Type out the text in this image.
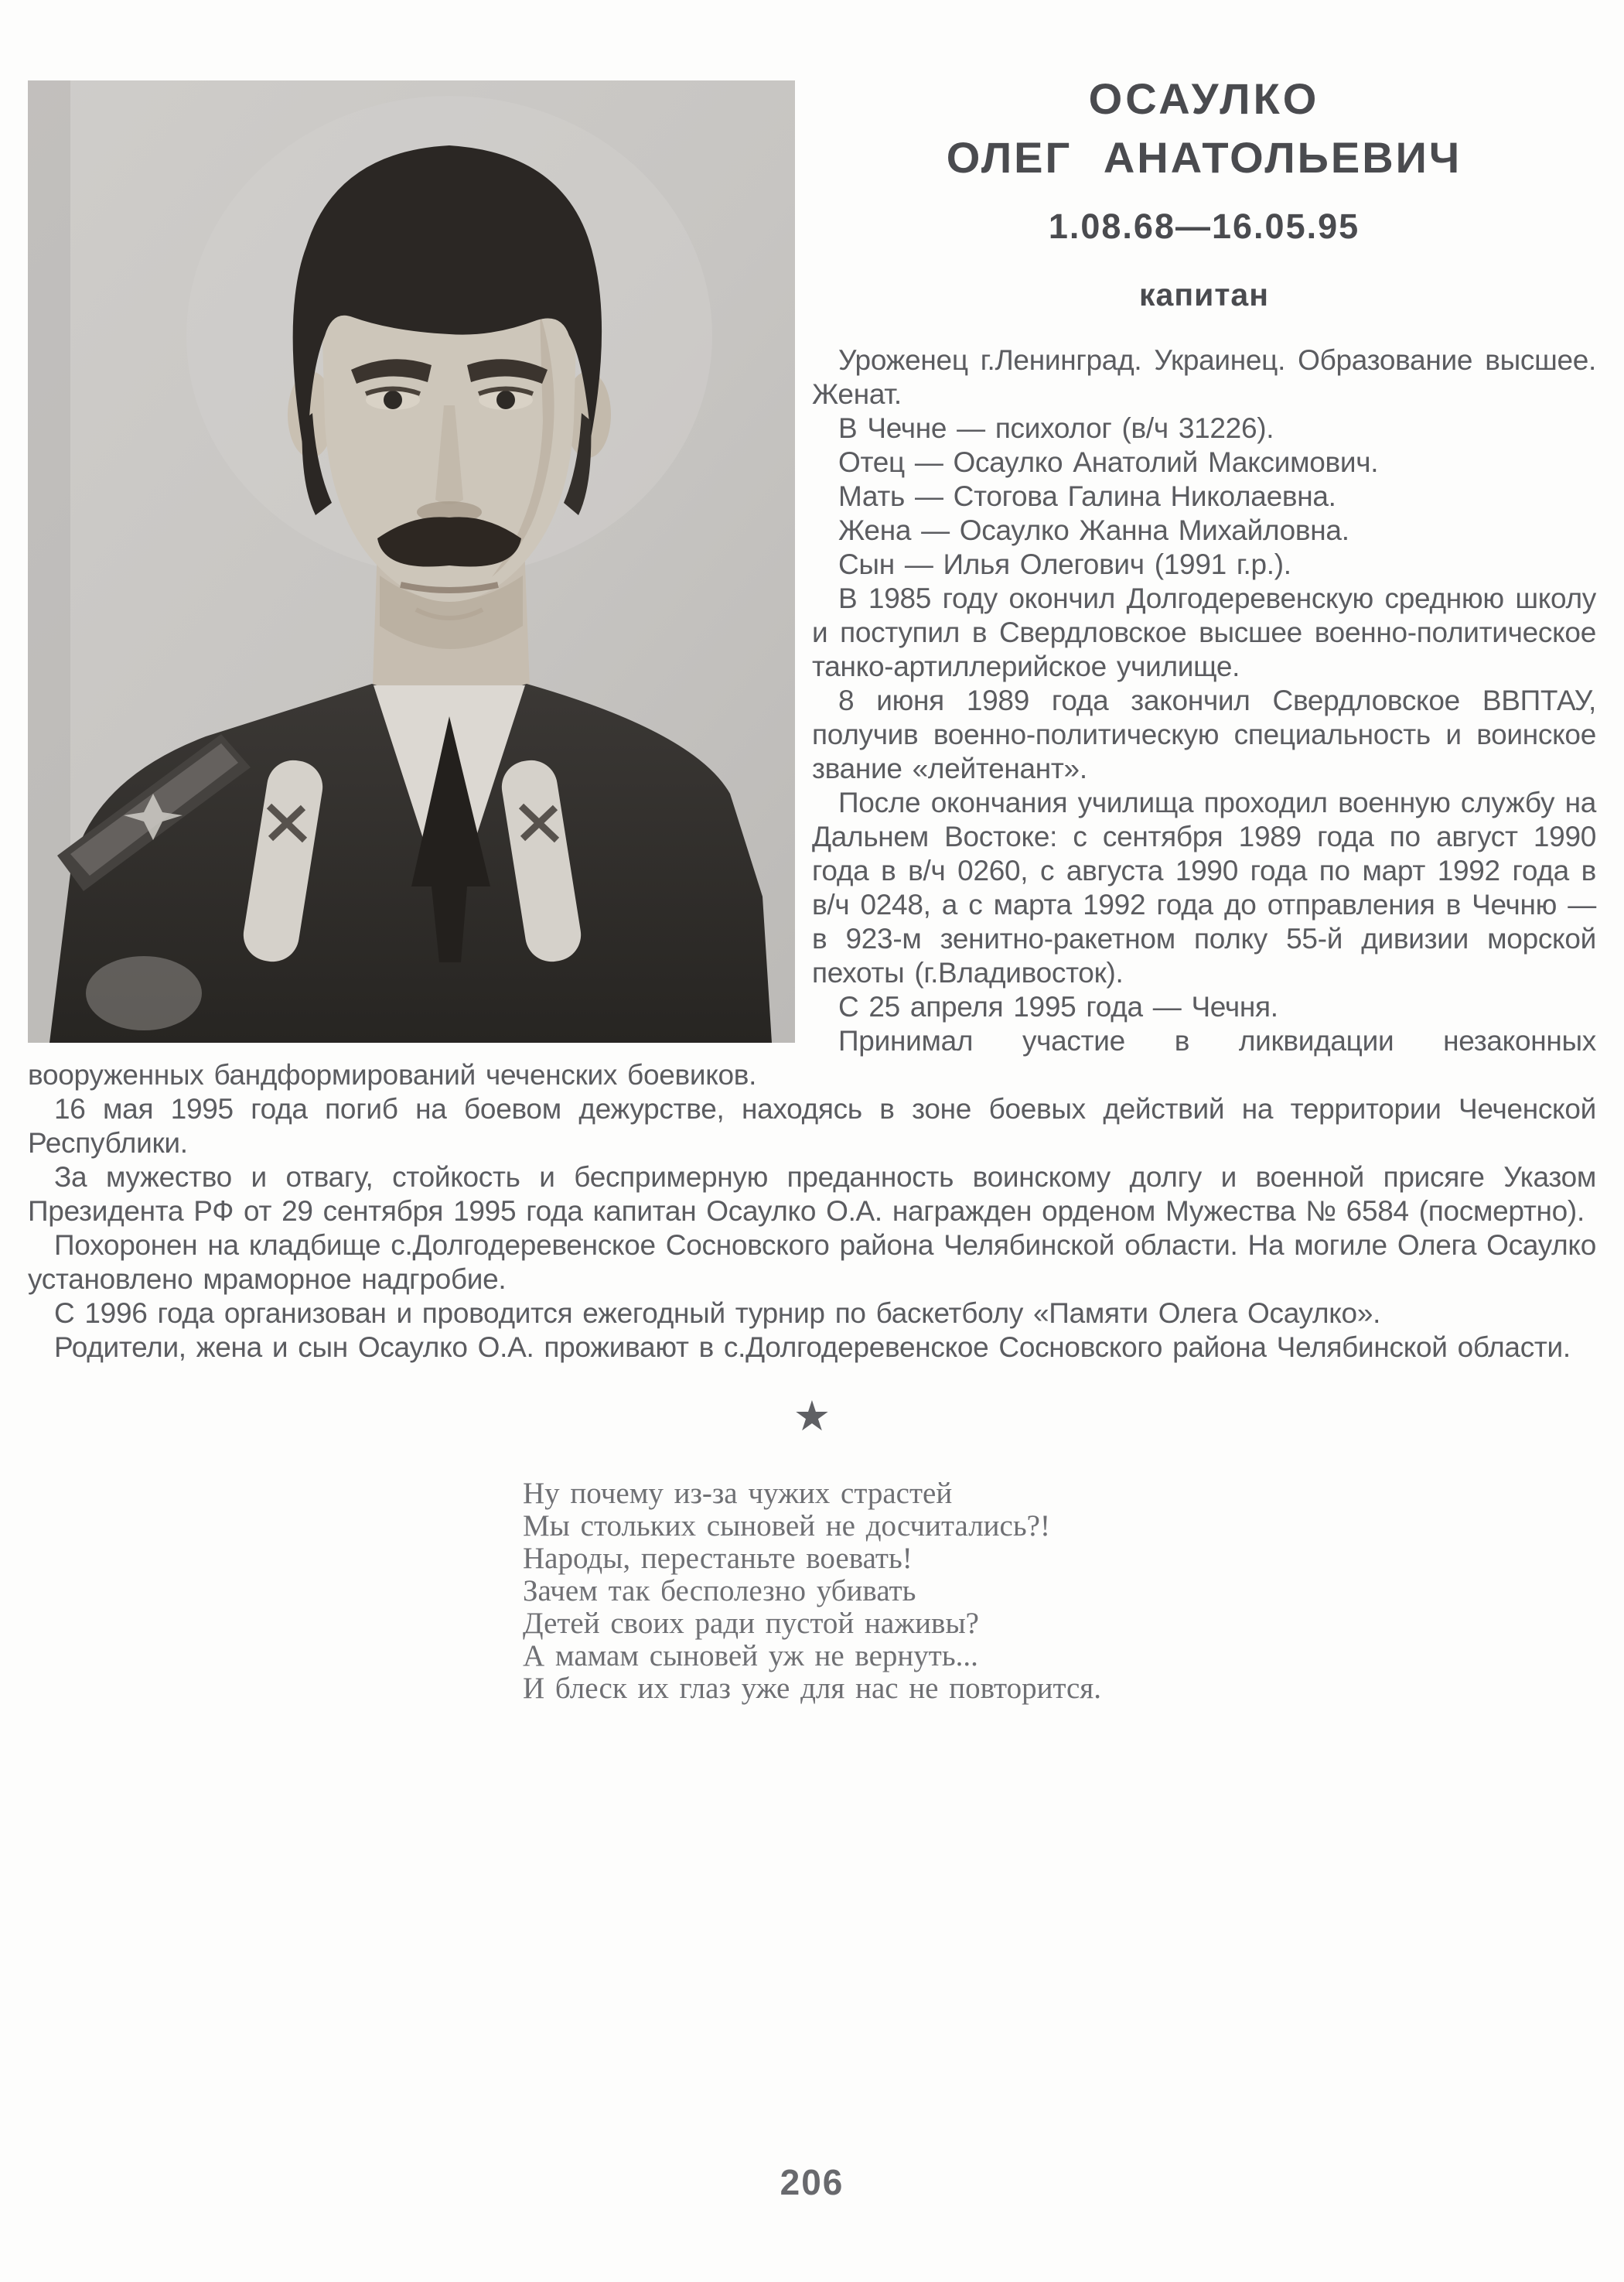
ОСАУЛКО
ОЛЕГ АНАТОЛЬЕВИЧ
1.08.68—16.05.95
капитан

Уроженец г.Ленинград. Украинец. Образование высшее. Женат.

В Чечне — психолог (в/ч 31226).

Отец — Осаулко Анатолий Максимович.

Мать — Стогова Галина Николаевна.

Жена — Осаулко Жанна Михайловна.

Сын — Илья Олегович (1991 г.р.).

В 1985 году окончил Долгодеревенскую среднюю школу и поступил в Свердловское высшее военно-политическое танко-артиллерийское училище.

8 июня 1989 года закончил Свердловское ВВПТАУ, получив военно-политическую специальность и воинское звание «лейтенант».

После окончания училища проходил военную службу на Дальнем Востоке: с сентября 1989 года по август 1990 года в в/ч 0260, с августа 1990 года по март 1992 года в в/ч 0248, а с марта 1992 года до отправления в Чечню — в 923-м зенитно-ракетном полку 55-й дивизии морской пехоты (г.Владивосток).

С 25 апреля 1995 года — Чечня.

Принимал участие в ликвидации незаконных вооруженных бандформирований чеченских боевиков.

16 мая 1995 года погиб на боевом дежурстве, находясь в зоне боевых действий на территории Чеченской Республики.

За мужество и отвагу, стойкость и беспримерную преданность воинскому долгу и военной присяге Указом Президента РФ от 29 сентября 1995 года капитан Осаулко О.А. награжден орденом Мужества № 6584 (посмертно).

Похоронен на кладбище с.Долгодеревенское Сосновского района Челябинской области. На могиле Олега Осаулко установлено мраморное надгробие.

С 1996 года организован и проводится ежегодный турнир по баскетболу «Памяти Олега Осаулко».

Родители, жена и сын Осаулко О.А. проживают в с.Долгодеревенское Сосновского района Челябинской области.

★
Ну почему из-за чужих страстей
Мы стольких сыновей не досчитались?!
Народы, перестаньте воевать!
Зачем так бесполезно убивать
Детей своих ради пустой наживы?
А мамам сыновей уж не вернуть...
И блеск их глаз уже для нас не повторится.
206
